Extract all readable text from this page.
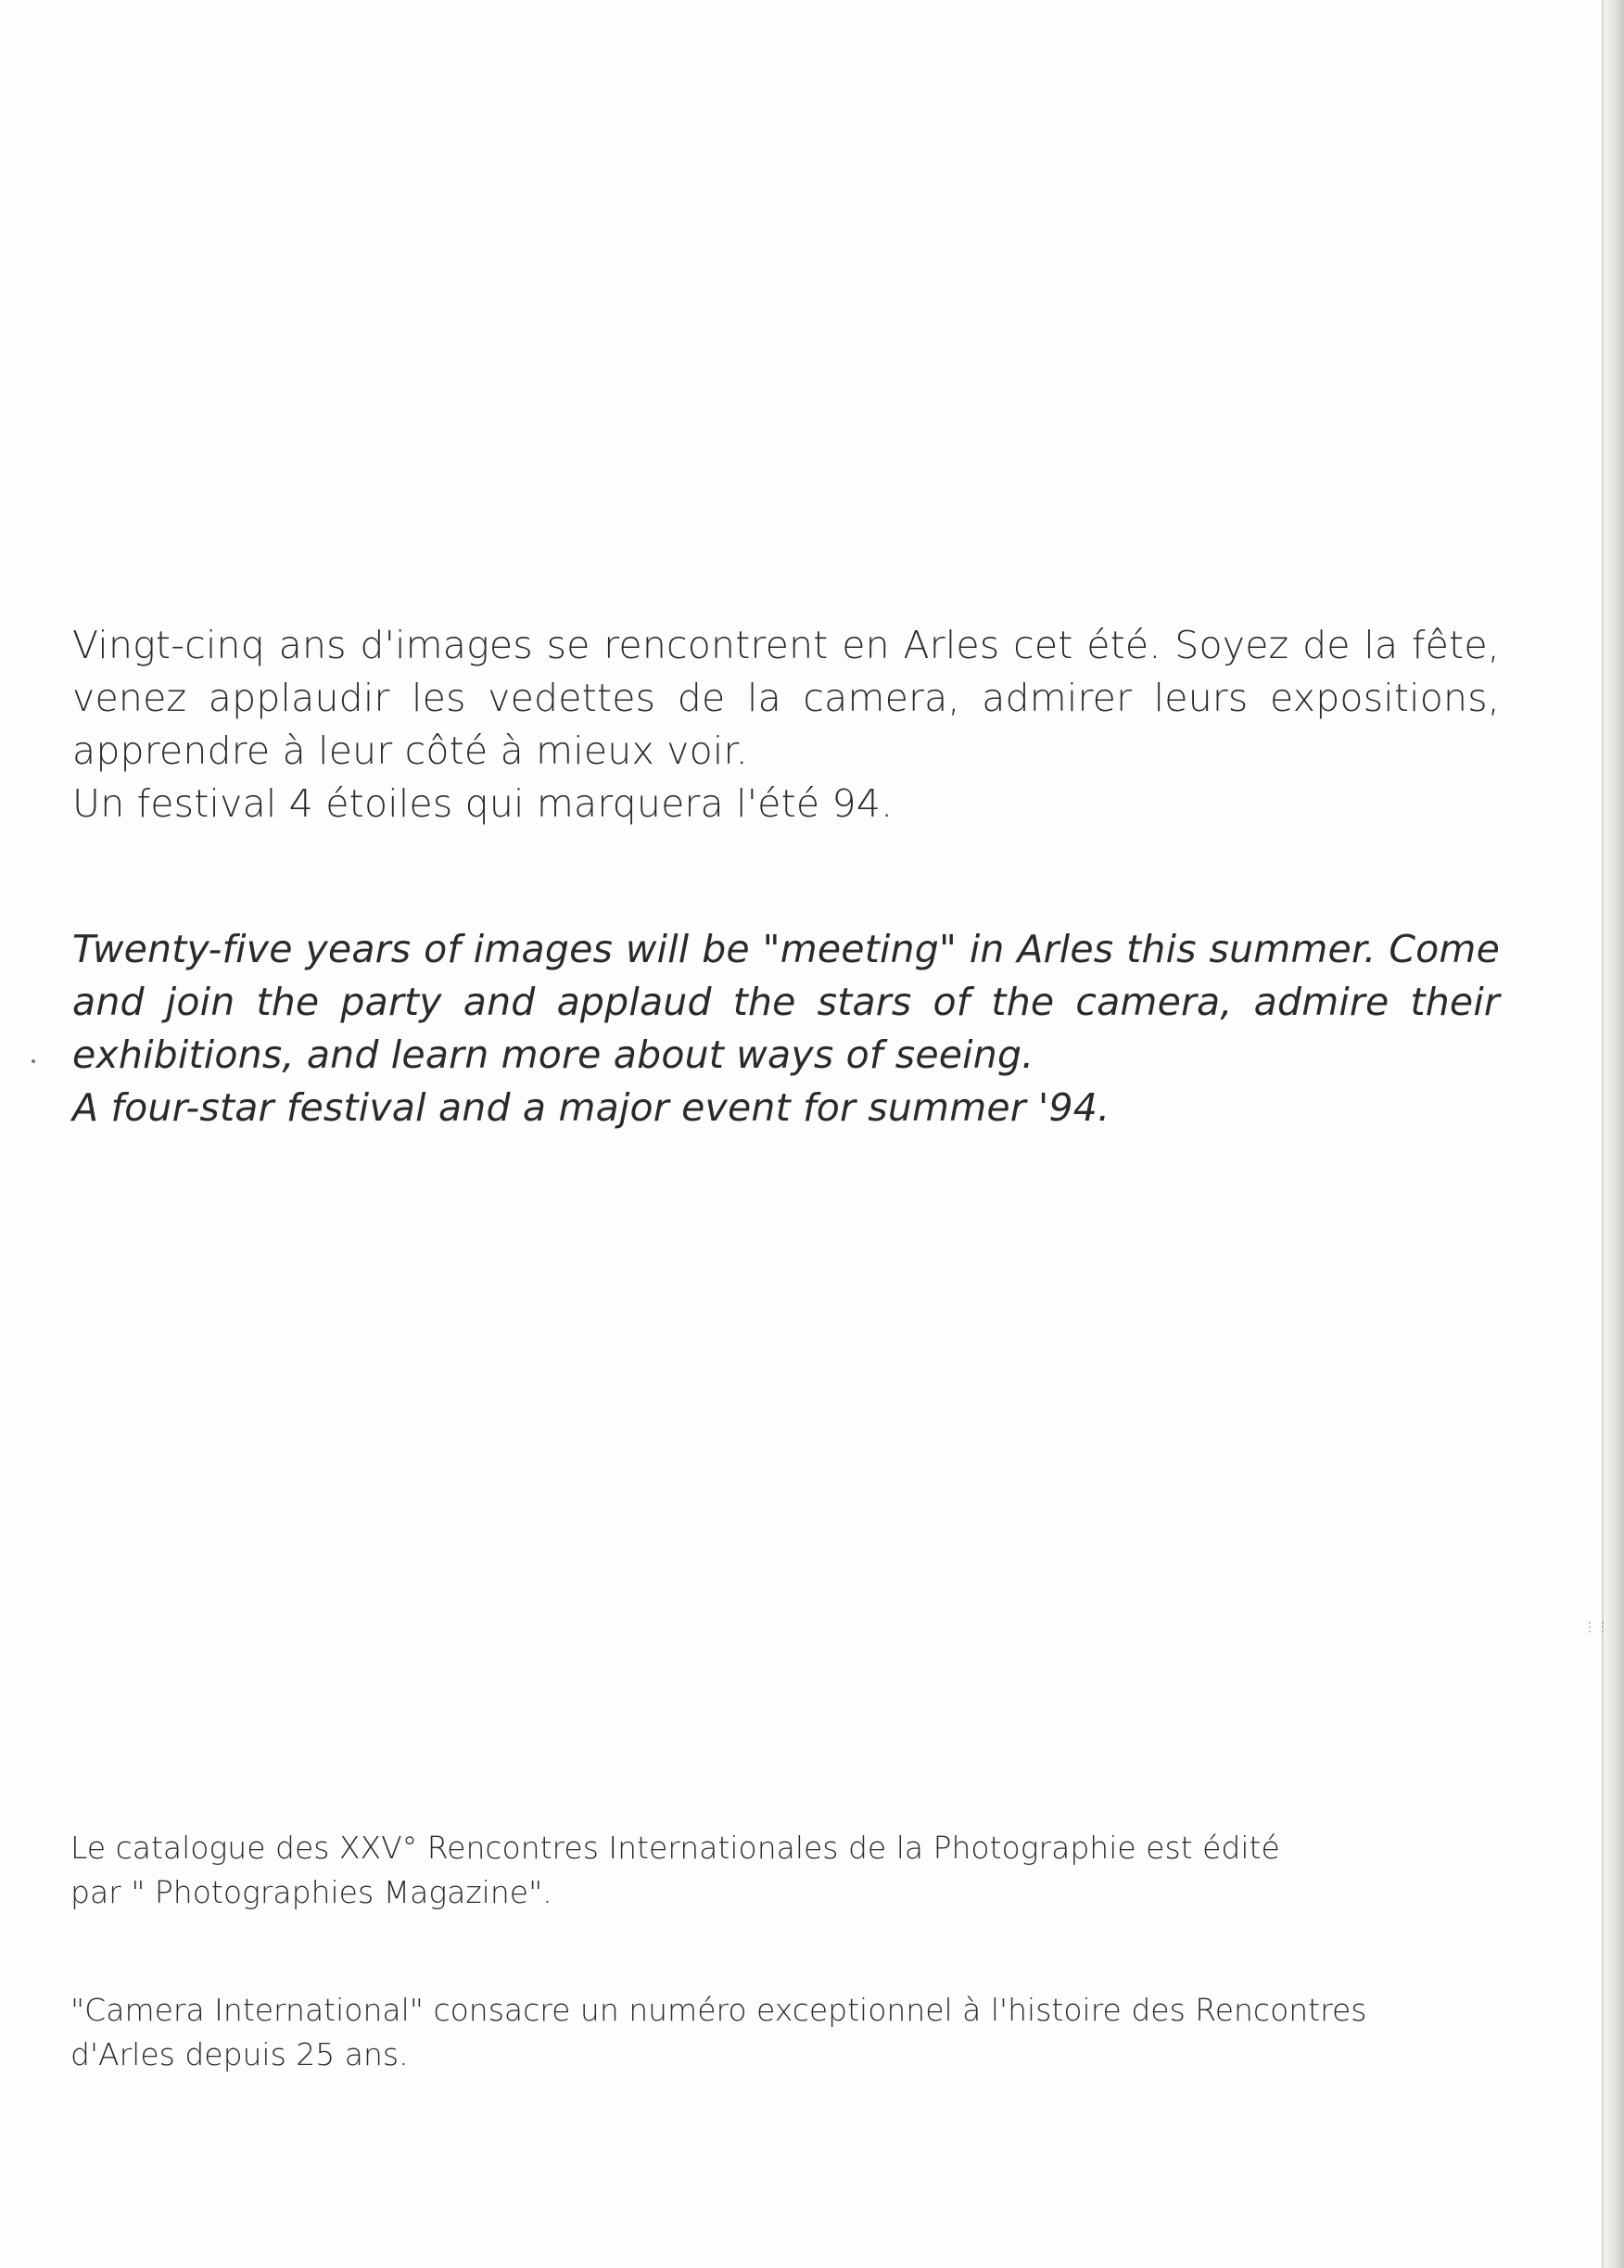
⋮⋮
Vingt-cinq ans d'images se rencontrent en Arles cet été. Soyez de la fête,
venez applaudir les vedettes de la camera, admirer leurs expositions,
apprendre à leur côté à mieux voir.
Un festival 4 étoiles qui marquera l'été 94.
Twenty-five years of images will be "meeting" in Arles this summer. Come
and join the party and applaud the stars of the camera, admire their
exhibitions, and learn more about ways of seeing.
A four-star festival and a major event for summer '94.
Le catalogue des XXV° Rencontres Internationales de la Photographie est édité
par " Photographies Magazine".
"Camera International" consacre un numéro exceptionnel à l'histoire des Rencontres
d'Arles depuis 25 ans.
